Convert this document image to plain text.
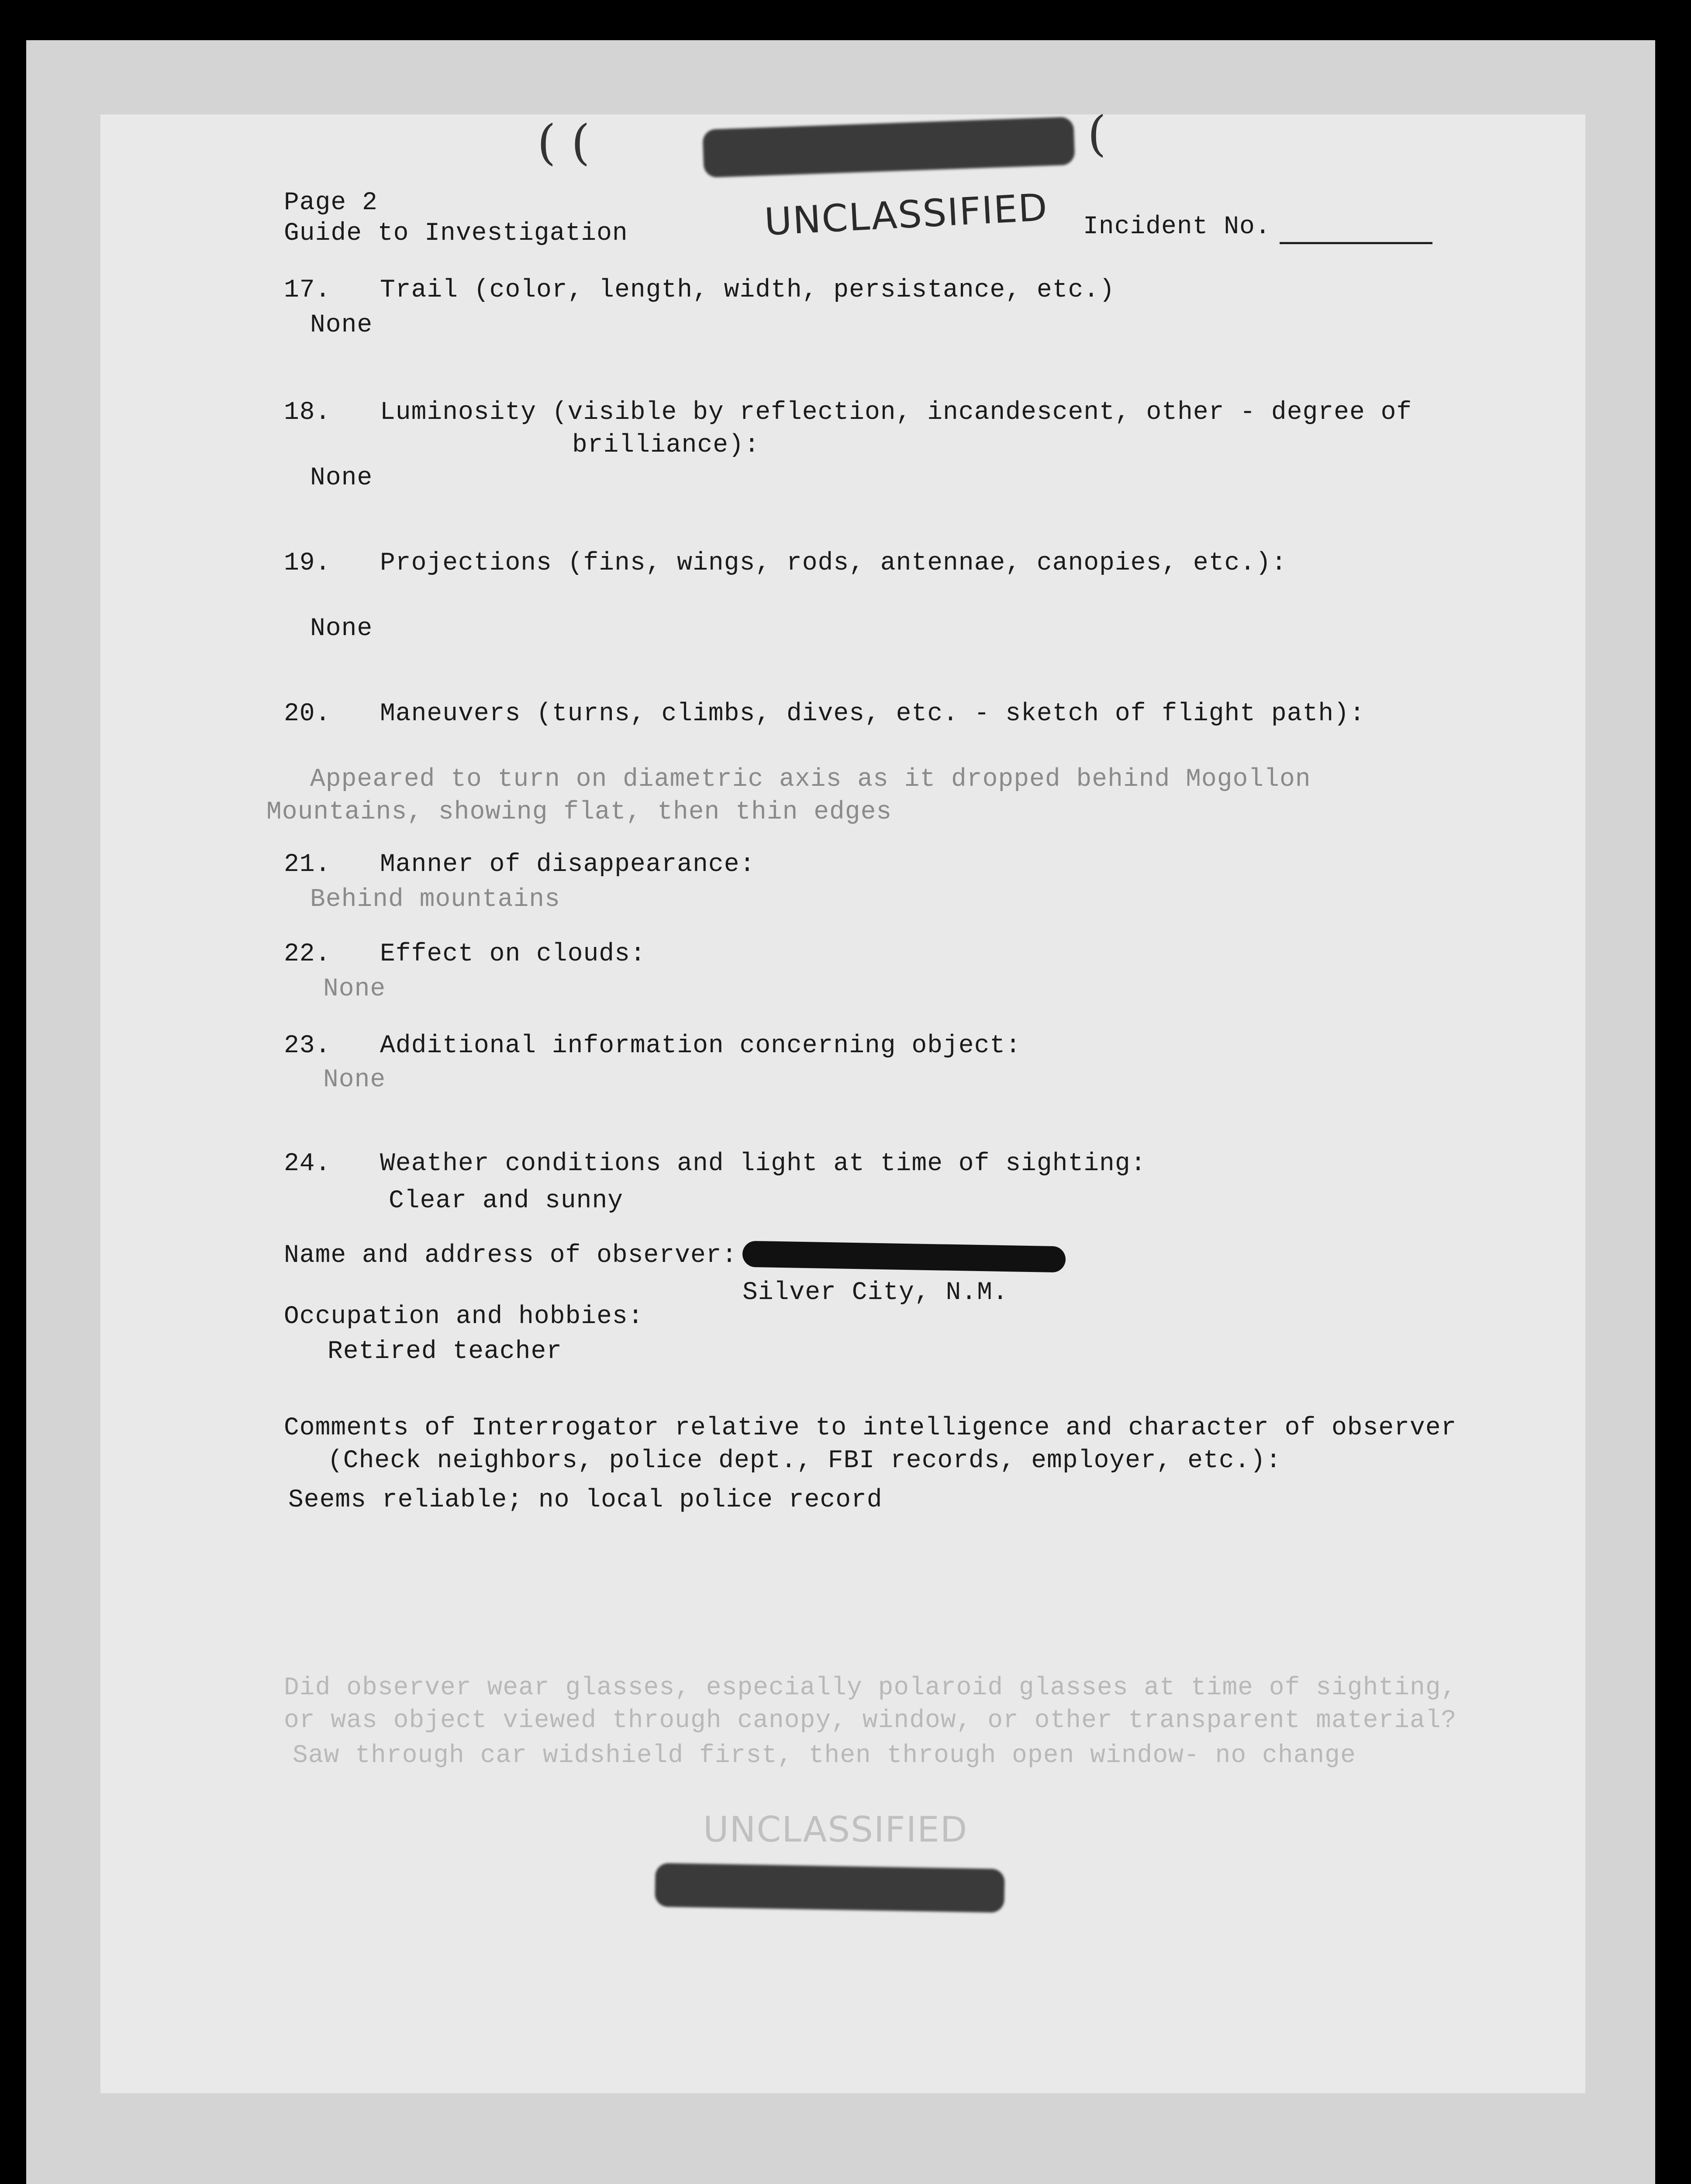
( (	(
Page 2
Guide to Investigation	UNCLASSIFIED Incident No.
17. Trail (color, length, width, persistance, etc.)
None
18. Luminosity (visible by reflection, incandescent, other - degree of
brilliance):
None
19. Projections (fins, wings, rods, antennae, canopies, etc.):
None
20. Maneuvers (turns, climbs, dives, etc. - sketch of flight path):
Appeared to turn on diametric axis as it dropped behind Mogollon
Mountains, showing flat, then thin edges
21. Manner of disappearance:
Behind mountains
22. Effect on clouds:
None
23. Additional information concerning object:
None
24. Weather conditions and light at time of sighting:
Clear and sunny
Name and address of observer:
Silver City, N.M.
Occupation and hobbies:
Retired teacher
Comments of Interrogator relative to intelligence and character of observer
(Check neighbors, police dept., FBI records, employer, etc.):
Seems reliable; no local police record
Did observer wear glasses, especially polaroid glasses at time of sighting,
or was object viewed through canopy, window, or other transparent material?
Saw through car widshield first, then through open window- no change
UNCLASSIFIED
